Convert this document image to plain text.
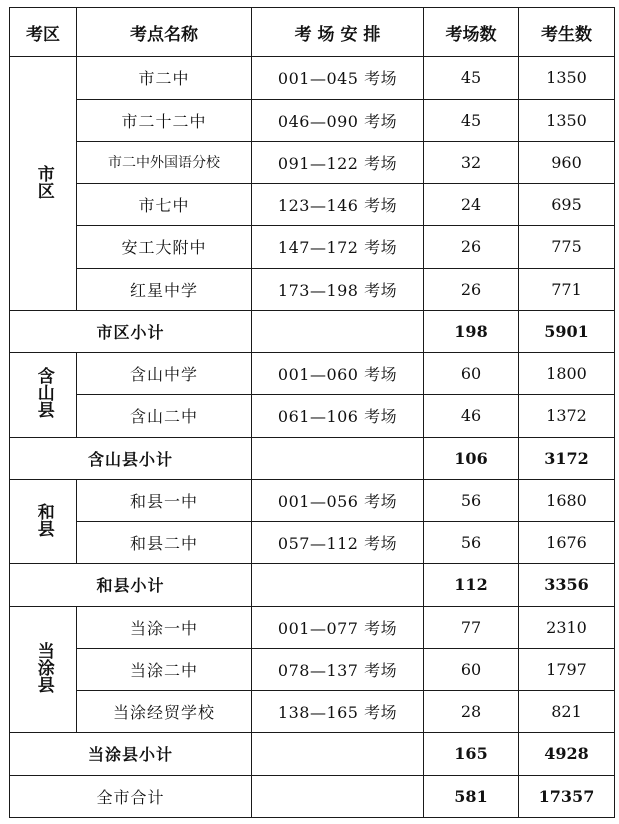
考区	考点名称	考 场 安 排	考场数	考生数
市区	市二中	001—045 考场	45	1350
	市二十二中	046—090 考场	45	1350
	市二中外国语分校	091—122 考场	32	960
	市七中	123—146 考场	24	695
	安工大附中	147—172 考场	26	775
	红星中学	173—198 考场	26	771
市区小计			198	5901
含山县	含山中学	001—060 考场	60	1800
	含山二中	061—106 考场	46	1372
含山县小计			106	3172
和县	和县一中	001—056 考场	56	1680
	和县二中	057—112 考场	56	1676
和县小计			112	3356
当涂县	当涂一中	001—077 考场	77	2310
	当涂二中	078—137 考场	60	1797
	当涂经贸学校	138—165 考场	28	821
当涂县小计			165	4928
全市合计			581	17357
